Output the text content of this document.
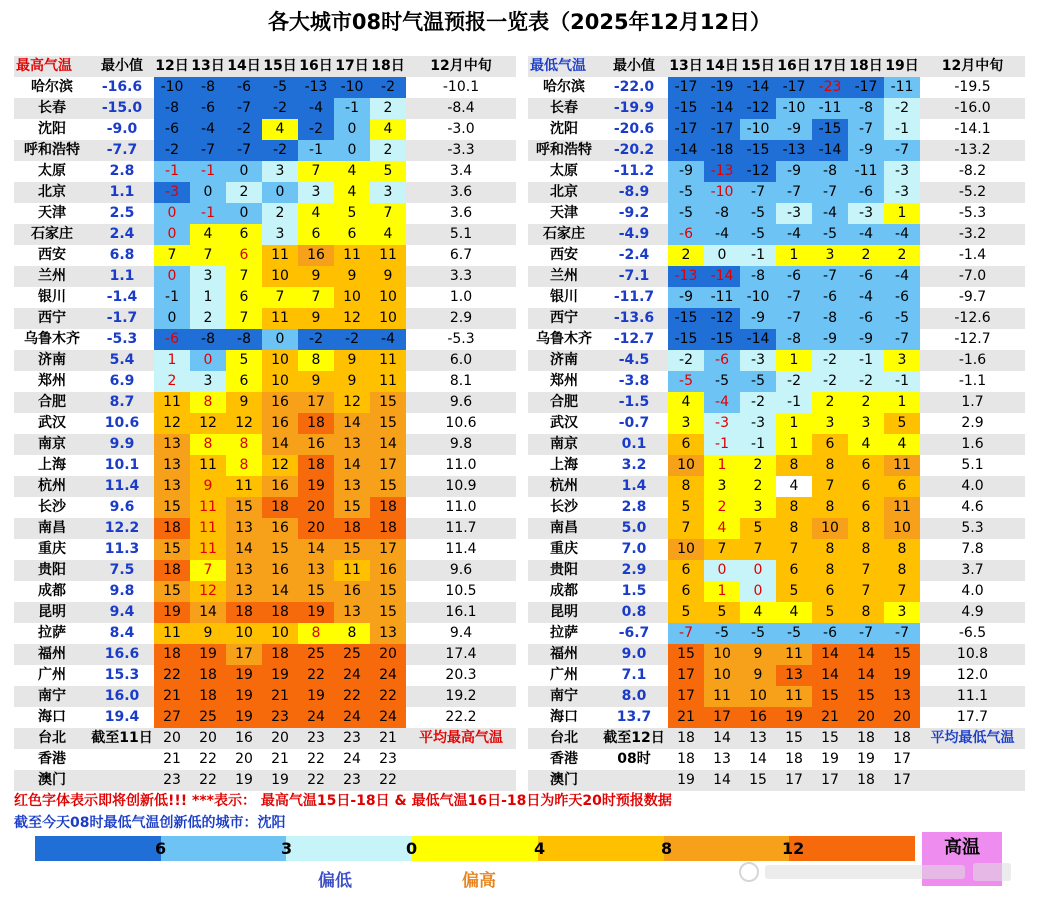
各大城市08时气温预报一览表（2025年12月12日）
最高气温	最小值	12日	13日	14日	15日	16日	17日	18日	12月中旬
哈尔滨	-16.6	-10	-8	-6	-5	-13	-10	-2	-10.1
长春	-15.0	-8	-6	-7	-2	-4	-1	2	-8.4
沈阳	-9.0	-6	-4	-2	4	-2	0	4	-3.0
呼和浩特	-7.7	-2	-7	-7	-2	-1	0	2	-3.3
太原	2.8	-1	-1	0	3	7	4	5	3.4
北京	1.1	-3	0	2	0	3	4	3	3.6
天津	2.5	0	-1	0	2	4	5	7	3.6
石家庄	2.4	0	4	6	3	6	6	4	5.1
西安	6.8	7	7	6	11	16	11	11	6.7
兰州	1.1	0	3	7	10	9	9	9	3.3
银川	-1.4	-1	1	6	7	7	10	10	1.0
西宁	-1.7	0	2	7	11	9	12	10	2.9
乌鲁木齐	-5.3	-6	-8	-8	0	-2	-2	-4	-5.3
济南	5.4	1	0	5	10	8	9	11	6.0
郑州	6.9	2	3	6	10	9	9	11	8.1
合肥	8.7	11	8	9	16	17	12	15	9.6
武汉	10.6	12	12	12	16	18	14	15	10.6
南京	9.9	13	8	8	14	16	13	14	9.8
上海	10.1	13	11	8	12	18	14	17	11.0
杭州	11.4	13	9	11	16	19	13	15	10.9
长沙	9.6	15	11	15	18	20	15	18	11.0
南昌	12.2	18	11	13	16	20	18	18	11.7
重庆	11.3	15	11	14	15	14	15	17	11.4
贵阳	7.5	18	7	13	16	13	11	16	9.6
成都	9.8	15	12	13	14	15	16	15	10.5
昆明	9.4	19	14	18	18	19	13	15	16.1
拉萨	8.4	11	9	10	10	8	8	13	9.4
福州	16.6	18	19	17	18	25	25	20	17.4
广州	15.3	22	18	19	19	22	24	24	20.3
南宁	16.0	21	18	19	21	19	22	22	19.2
海口	19.4	27	25	19	23	24	24	24	22.2
台北	截至11日	20	20	16	20	23	23	21	平均最高气温
香港		21	22	20	21	22	24	23	
澳门		23	22	19	19	22	23	22	
最低气温	最小值	13日	14日	15日	16日	17日	18日	19日	12月中旬
哈尔滨	-22.0	-17	-19	-14	-17	-23	-17	-11	-19.5
长春	-19.9	-15	-14	-12	-10	-11	-8	-2	-16.0
沈阳	-20.6	-17	-17	-10	-9	-15	-7	-1	-14.1
呼和浩特	-20.2	-14	-18	-15	-13	-14	-9	-7	-13.2
太原	-11.2	-9	-13	-12	-9	-8	-11	-3	-8.2
北京	-8.9	-5	-10	-7	-7	-7	-6	-3	-5.2
天津	-9.2	-5	-8	-5	-3	-4	-3	1	-5.3
石家庄	-4.9	-6	-4	-5	-4	-5	-4	-4	-3.2
西安	-2.4	2	0	-1	1	3	2	2	-1.4
兰州	-7.1	-13	-14	-8	-6	-7	-6	-4	-7.0
银川	-11.7	-9	-11	-10	-7	-6	-4	-6	-9.7
西宁	-13.6	-15	-12	-9	-7	-8	-6	-5	-12.6
乌鲁木齐	-12.7	-15	-15	-14	-8	-9	-9	-7	-12.7
济南	-4.5	-2	-6	-3	1	-2	-1	3	-1.6
郑州	-3.8	-5	-5	-5	-2	-2	-2	-1	-1.1
合肥	-1.5	4	-4	-2	-1	2	2	1	1.7
武汉	-0.7	3	-3	-3	1	3	3	5	2.9
南京	0.1	6	-1	-1	1	6	4	4	1.6
上海	3.2	10	1	2	8	8	6	11	5.1
杭州	1.4	8	3	2	4	7	6	6	4.0
长沙	2.8	5	2	3	8	8	6	11	4.6
南昌	5.0	7	4	5	8	10	8	10	5.3
重庆	7.0	10	7	7	7	8	8	8	7.8
贵阳	2.9	6	0	0	6	8	7	8	3.7
成都	1.5	6	1	0	5	6	7	7	4.0
昆明	0.8	5	5	4	4	5	8	3	4.9
拉萨	-6.7	-7	-5	-5	-5	-6	-7	-7	-6.5
福州	9.0	15	10	9	11	14	14	15	10.8
广州	7.1	17	10	9	13	14	14	19	12.0
南宁	8.0	17	11	10	11	15	15	13	11.1
海口	13.7	21	17	16	19	21	20	20	17.7
台北	截至12日	18	14	13	15	15	18	18	平均最低气温
香港	08时	18	13	14	18	19	19	17	
澳门		19	14	15	17	17	18	17	
红色字体表示即将创新低!!! ***表示： 最高气温15日-18日 & 最低气温16日-18日为昨天20时预报数据
截至今天08时最低气温创新低的城市：沈阳
6	3	0	4	8	12	高温
偏低	偏高
